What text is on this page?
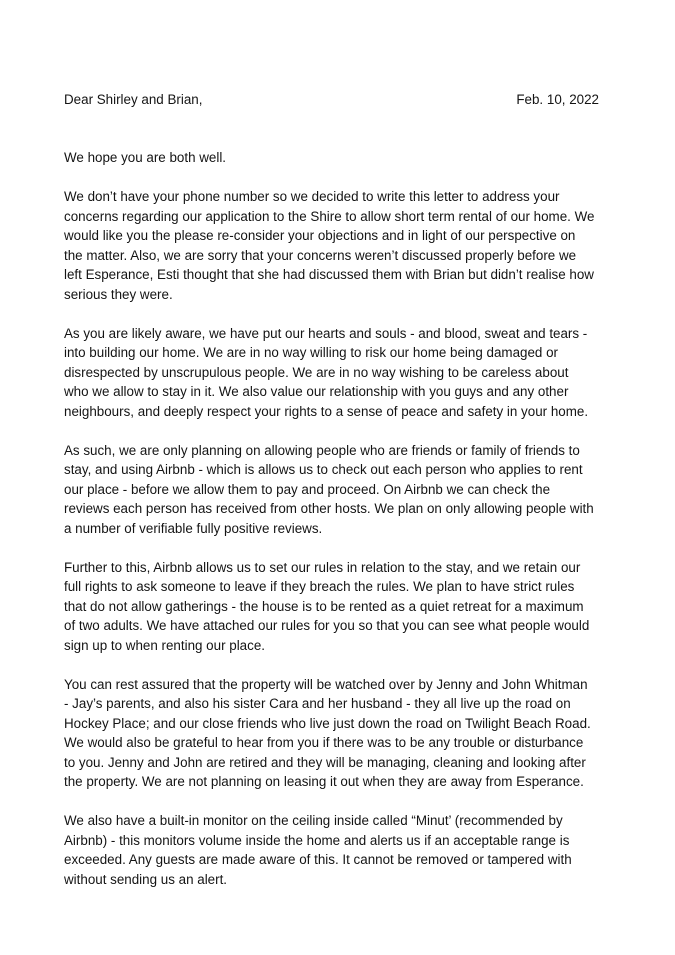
Dear Shirley and Brian,	Feb. 10, 2022

We hope you are both well.

We don’t have your phone number so we decided to write this letter to address your
concerns regarding our application to the Shire to allow short term rental of our home. We
would like you the please re-consider your objections and in light of our perspective on
the matter. Also, we are sorry that your concerns weren’t discussed properly before we
left Esperance, Esti thought that she had discussed them with Brian but didn’t realise how
serious they were.

As you are likely aware, we have put our hearts and souls - and blood, sweat and tears -
into building our home. We are in no way willing to risk our home being damaged or
disrespected by unscrupulous people. We are in no way wishing to be careless about
who we allow to stay in it. We also value our relationship with you guys and any other
neighbours, and deeply respect your rights to a sense of peace and safety in your home.

As such, we are only planning on allowing people who are friends or family of friends to
stay, and using Airbnb - which is allows us to check out each person who applies to rent
our place - before we allow them to pay and proceed. On Airbnb we can check the
reviews each person has received from other hosts. We plan on only allowing people with
a number of verifiable fully positive reviews.

Further to this, Airbnb allows us to set our rules in relation to the stay, and we retain our
full rights to ask someone to leave if they breach the rules. We plan to have strict rules
that do not allow gatherings - the house is to be rented as a quiet retreat for a maximum
of two adults. We have attached our rules for you so that you can see what people would
sign up to when renting our place.

You can rest assured that the property will be watched over by Jenny and John Whitman
- Jay’s parents, and also his sister Cara and her husband - they all live up the road on
Hockey Place; and our close friends who live just down the road on Twilight Beach Road.
We would also be grateful to hear from you if there was to be any trouble or disturbance
to you. Jenny and John are retired and they will be managing, cleaning and looking after
the property. We are not planning on leasing it out when they are away from Esperance.

We also have a built-in monitor on the ceiling inside called “Minut’ (recommended by
Airbnb) - this monitors volume inside the home and alerts us if an acceptable range is
exceeded. Any guests are made aware of this. It cannot be removed or tampered with
without sending us an alert.
